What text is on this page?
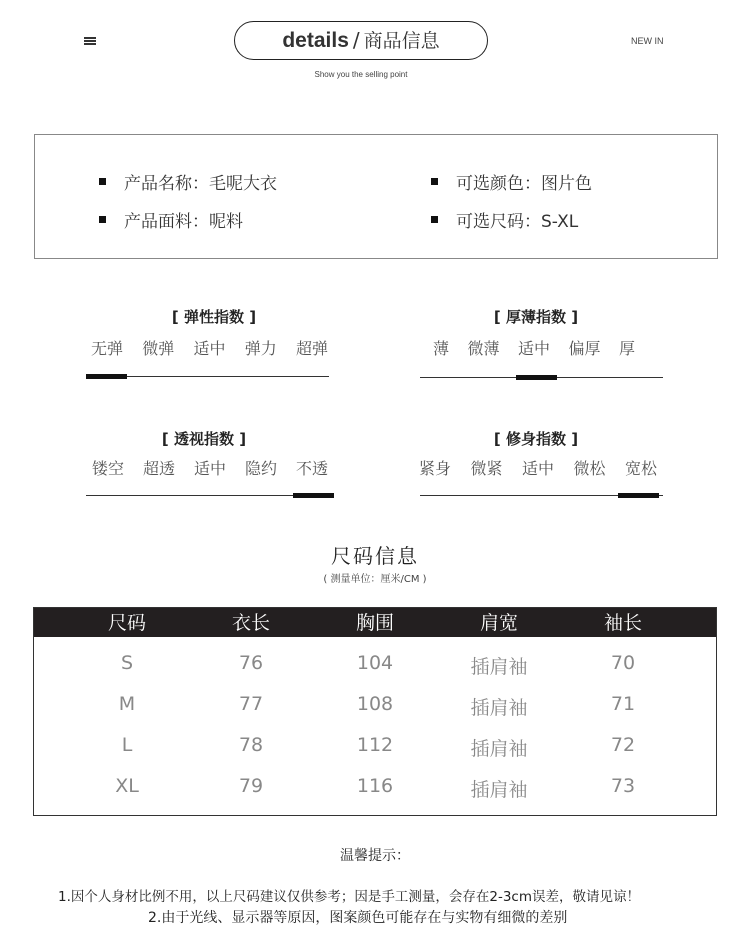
details / 商品信息	NEW IN
Show you the selling point
产品名称：毛呢大衣
产品面料：呢料
可选颜色：图片色
可选尺码：S-XL
[ 弹性指数 ]
无弹 微弹 适中 弹力 超弹
[ 厚薄指数 ]
薄 微薄 适中 偏厚 厚
[ 透视指数 ]
镂空 超透 适中 隐约 不透
[ 修身指数 ]
紧身 微紧 适中 微松 宽松
尺码信息
( 测量单位：厘米/CM )
尺码	衣长	胸围	肩宽	袖长
S	76	104	插肩袖	70
M	77	108	插肩袖	71
L	78	112	插肩袖	72
XL	79	116	插肩袖	73
温馨提示：
1.因个人身材比例不用，以上尺码建议仅供参考；因是手工测量，会存在2-3cm误差，敬请见谅！
2.由于光线、显示器等原因，图案颜色可能存在与实物有细微的差别
